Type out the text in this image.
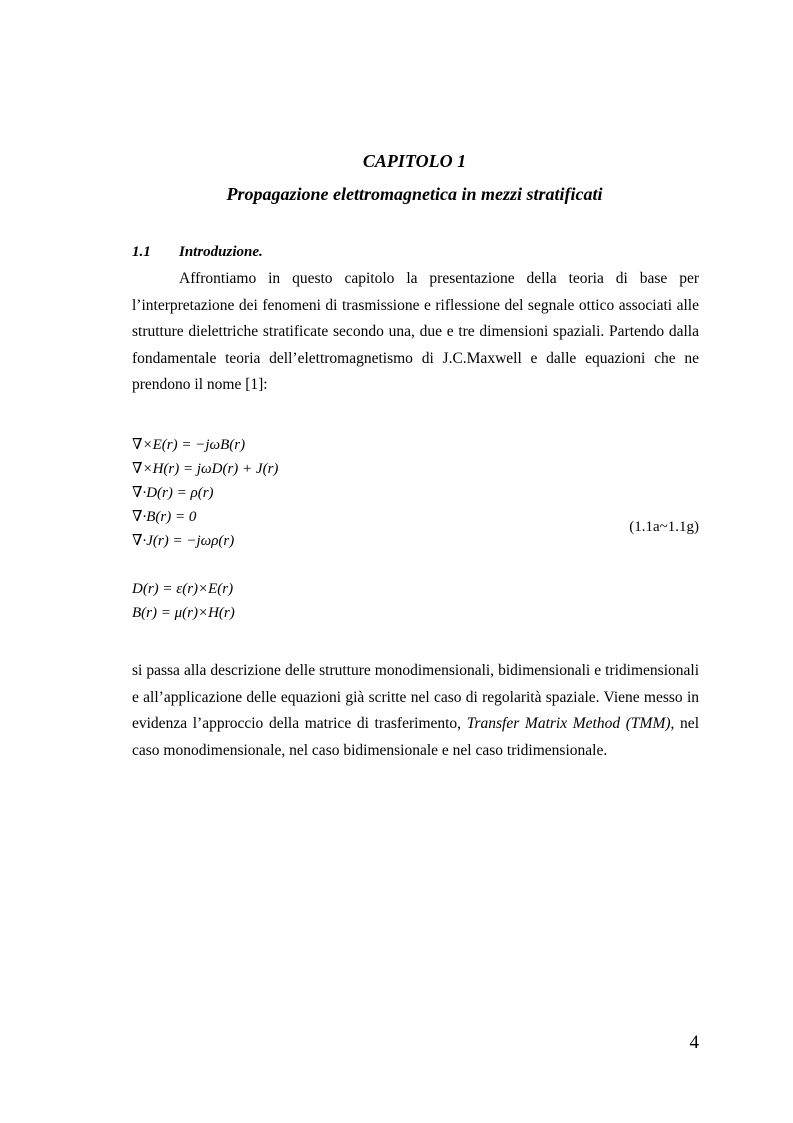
CAPITOLO 1
Propagazione elettromagnetica in mezzi stratificati
1.1 Introduzione.

Affrontiamo in questo capitolo la presentazione della teoria di base per l’interpretazione dei fenomeni di trasmissione e riflessione del segnale ottico associati alle strutture dielettriche stratificate secondo una, due e tre dimensioni spaziali. Partendo dalla fondamentale teoria dell’elettromagnetismo di J.C.Maxwell e dalle equazioni che ne prendono il nome [1]:

∇×E(r) = −jωB(r)
∇×H(r) = jωD(r) + J(r)
∇·D(r) = ρ(r)
∇·B(r) = 0
∇·J(r) = −jωρ(r)
(1.1a~1.1g)
D(r) = ε(r)×E(r)
B(r) = μ(r)×H(r)

si passa alla descrizione delle strutture monodimensionali, bidimensionali e tridimensionali e all’applicazione delle equazioni già scritte nel caso di regolarità spaziale. Viene messo in evidenza l’approccio della matrice di trasferimento, Transfer Matrix Method (TMM), nel caso monodimensionale, nel caso bidimensionale e nel caso tridimensionale.

4
